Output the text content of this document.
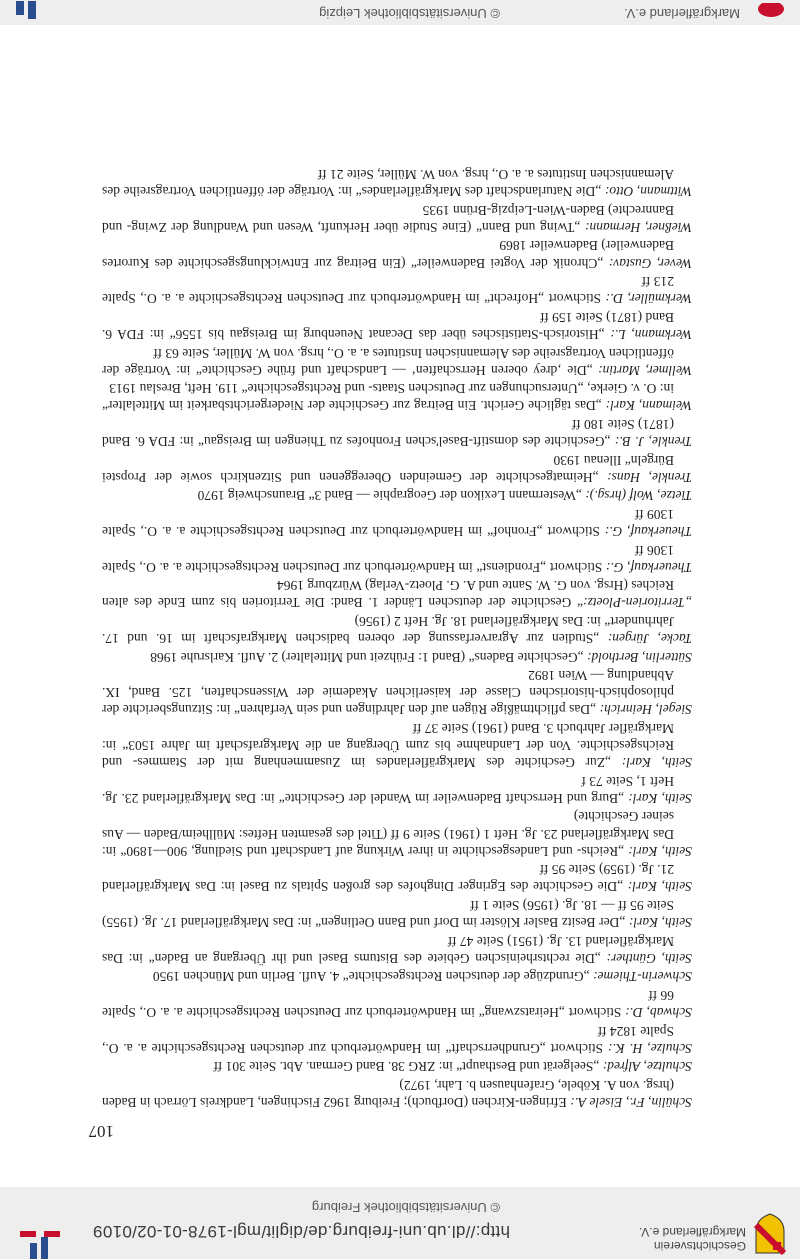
Geschichtsverein
Markgräflerland e.V.
http://dl.ub.uni-freiburg.de/diglit/mgl-1978-01-02/0109
© Universitätsbibliothek Freiburg
107

Schülin, Fr., Eisele A.: Efringen-Kirchen (Dorfbuch); Freiburg 1962 Fischingen, Landkreis Lörrach in Baden (hrsg. von A. Köbele, Grafenhausen b. Lahr, 1972)

Schultze, Alfred: „Seelgerät und Besthaupt“ in: ZRG 38. Band German. Abt. Seite 301 ff

Schulze, H. K.: Stichwort „Grundherrschaft“ im Handwörterbuch zur deutschen Rechtsgeschichte a. a. O., Spalte 1824 ff

Schwab, D.: Stichwort „Heiratszwang“ im Handwörterbuch zur Deutschen Rechtsgeschichte a. a. O., Spalte 66 ff

Schwerin-Thieme: „Grundzüge der deutschen Rechtsgeschichte“ 4. Aufl. Berlin und München 1950

Seith, Günther: „Die rechtsrheinischen Gebiete des Bistums Basel und ihr Übergang an Baden“ in: Das Markgräflerland 13. Jg. (1951) Seite 47 ff

Seith, Karl: „Der Besitz Basler Klöster im Dorf und Bann Oetlingen“ in: Das Markgräflerland 17. Jg. (1955) Seite 95 ff — 18. Jg. (1956) Seite 1 ff

Seith, Karl: „Die Geschichte des Egringer Dinghofes des großen Spitals zu Basel in: Das Markgräflerland 21. Jg. (1959) Seite 95 ff

Seith, Karl: „Reichs- und Landesgeschichte in ihrer Wirkung auf Landschaft und Siedlung, 900—1890“ in: Das Markgräflerland 23. Jg. Heft 1 (1961) Seite 9 ff (Titel des gesamten Heftes: Müllheim/Baden — Aus seiner Geschichte)

Seith, Karl: „Burg und Herrschaft Badenweiler im Wandel der Geschichte“ in: Das Markgräflerland 23. Jg. Heft 1, Seite 73 f

Seith, Karl: „Zur Geschichte des Markgräflerlandes im Zusammenhang mit der Stammes- und Reichsgeschichte. Von der Landnahme bis zum Übergang an die Markgrafschaft im Jahre 1503“ in: Markgräfler Jahrbuch 3. Band (1961) Seite 37 ff

Siegel, Heinrich: „Das pflichtmäßige Rügen auf den Jahrdingen und sein Verfahren“ in: Sitzungsberichte der philosophisch-historischen Classe der kaiserlichen Akademie der Wissenschaften, 125. Band, IX. Abhandlung — Wien 1892

Sütterlin, Berthold: „Geschichte Badens“ (Band 1: Frühzeit und Mittelalter) 2. Aufl. Karlsruhe 1968

Tacke, Jürgen: „Studien zur Agrarverfassung der oberen badischen Markgrafschaft im 16. und 17. Jahrhundert“ in: Das Markgräflerland 18. Jg. Heft 2 (1956)

„Territorien-Ploetz:“ Geschichte der deutschen Länder 1. Band: Die Territorien bis zum Ende des alten Reiches (Hrsg. von G. W. Sante und A. G. Ploetz-Verlag) Würzburg 1964

Theuerkauf, G.: Stichwort „Frondienst“ im Handwörterbuch zur Deutschen Rechtsgeschichte a. a. O., Spalte 1306 ff

Theuerkauf, G.: Stichwort „Fronhof“ im Handwörterbuch zur Deutschen Rechtsgeschichte a. a. O., Spalte 1309 ff

Tietze, Wolf (hrsg.): „Westermann Lexikon der Geographie — Band 3“ Braunschweig 1970

Trenkle, Hans: „Heimatgeschichte der Gemeinden Obereggenen und Sitzenkirch sowie der Propstei Bürgeln“ Illenau 1930

Trenkle, J. B.: „Geschichte des domstift-Basel'schen Fronhofes zu Thiengen im Breisgau“ in: FDA 6. Band (1871) Seite 180 ff

Weimann, Karl: „Das tägliche Gericht. Ein Beitrag zur Geschichte der Niedergerichtsbarkeit im Mittelalter“ in: O. v. Gierke, „Untersuchungen zur Deutschen Staats- und Rechtsgeschichte“ 119. Heft, Breslau 1913

Wellmer, Martin: „Die ‚drey oberen Herrschaften‘ — Landschaft und frühe Geschichte“ in: Vorträge der öffentlichen Vortragsreihe des Alemannischen Institutes a. a. O., hrsg. von W. Müller, Seite 63 ff

Werkmann, L.: „Historisch-Statistisches über das Decanat Neuenburg im Breisgau bis 1556“ in: FDA 6. Band (1871) Seite 159 ff

Werkmüller, D.: Stichwort „Hofrecht“ im Handwörterbuch zur Deutschen Rechtsgeschichte a. a. O., Spalte 213 ff

Wever, Gustav: „Chronik der Vogtei Badenweiler“ (Ein Beitrag zur Entwicklungsgeschichte des Kurortes Badenweiler) Badenweiler 1869

Wießner, Hermann: „Twing und Bann“ (Eine Studie über Herkunft, Wesen und Wandlung der Zwing- und Bannrechte) Baden-Wien-Leipzig-Brünn 1935

Wittmann, Otto: „Die Naturlandschaft des Markgräflerlandes“ in: Vorträge der öffentlichen Vortragsreihe des Alemannischen Institutes a. a. O., hrsg. von W. Müller, Seite 21 ff

Markgräflerland e.V.
© Universitätsbibliothek Leipzig
